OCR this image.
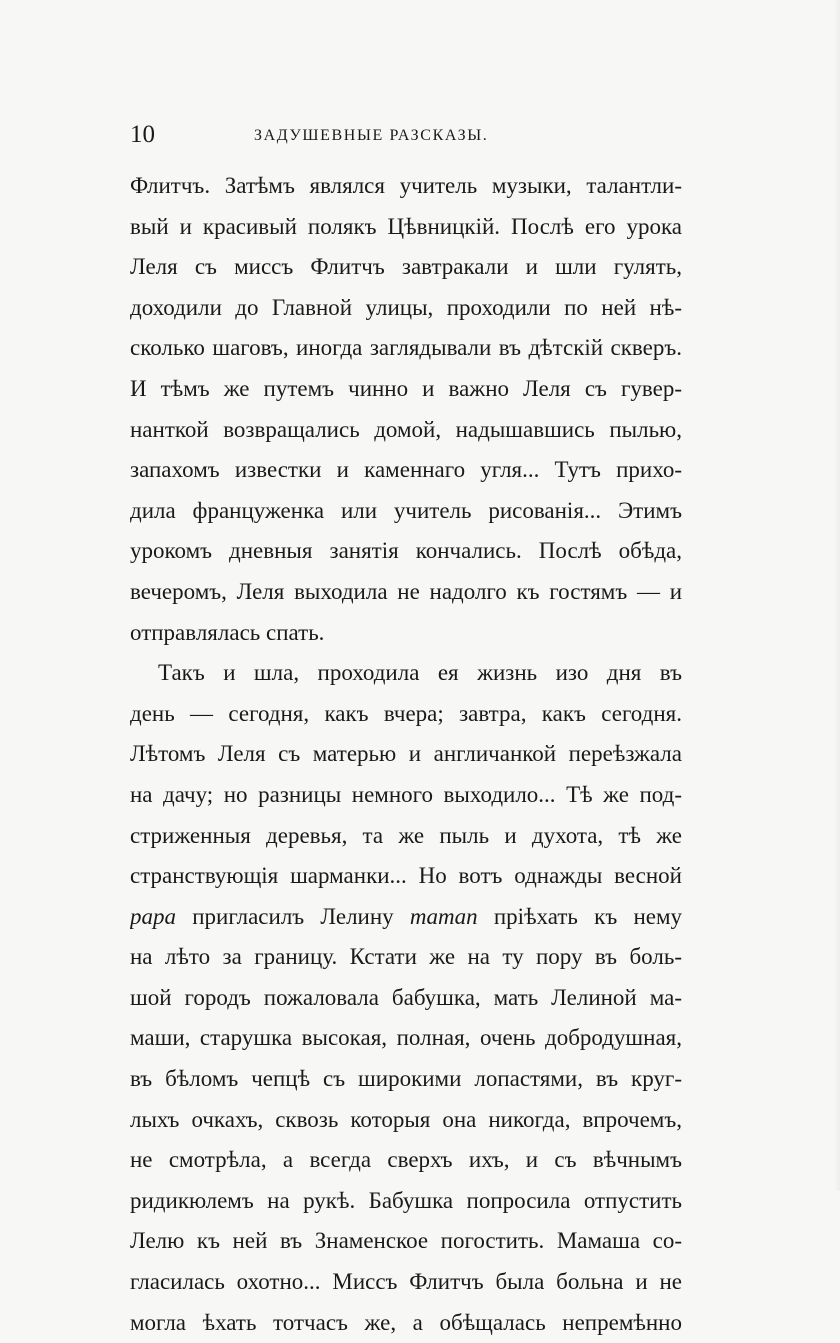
10	ЗАДУШЕВНЫЕ РАЗСКАЗЫ.
Флитчъ. Затѣмъ являлся учитель музыки, талантли-
вый и красивый полякъ Цѣвницкій. Послѣ его урока
Леля съ миссъ Флитчъ завтракали и шли гулять,
доходили до Главной улицы, проходили по ней нѣ-
сколько шаговъ, иногда заглядывали въ дѣтскій скверъ.
И тѣмъ же путемъ чинно и важно Леля съ гувер-
нанткой возвращались домой, надышавшись пылью,
запахомъ известки и каменнаго угля... Тутъ прихо-
дила француженка или учитель рисованія... Этимъ
урокомъ дневныя занятія кончались. Послѣ обѣда,
вечеромъ, Леля выходила не надолго къ гостямъ — и
отправлялась спать.
Такъ и шла, проходила ея жизнь изо дня въ
день — сегодня, какъ вчера; завтра, какъ сегодня.
Лѣтомъ Леля съ матерью и англичанкой переѣзжала
на дачу; но разницы немного выходило... Тѣ же под-
стриженныя деревья, та же пыль и духота, тѣ же
странствующія шарманки... Но вотъ однажды весной
papa пригласилъ Лелину maman пріѣхать къ нему
на лѣто за границу. Кстати же на ту пору въ боль-
шой городъ пожаловала бабушка, мать Лелиной ма-
маши, старушка высокая, полная, очень добродушная,
въ бѣломъ чепцѣ съ широкими лопастями, въ круг-
лыхъ очкахъ, сквозь которыя она никогда, впрочемъ,
не смотрѣла, а всегда сверхъ ихъ, и съ вѣчнымъ
ридикюлемъ на рукѣ. Бабушка попросила отпустить
Лелю къ ней въ Знаменское погостить. Мамаша со-
гласилась охотно... Миссъ Флитчъ была больна и не
могла ѣхать тотчасъ же, а обѣщалась непремѣнно
